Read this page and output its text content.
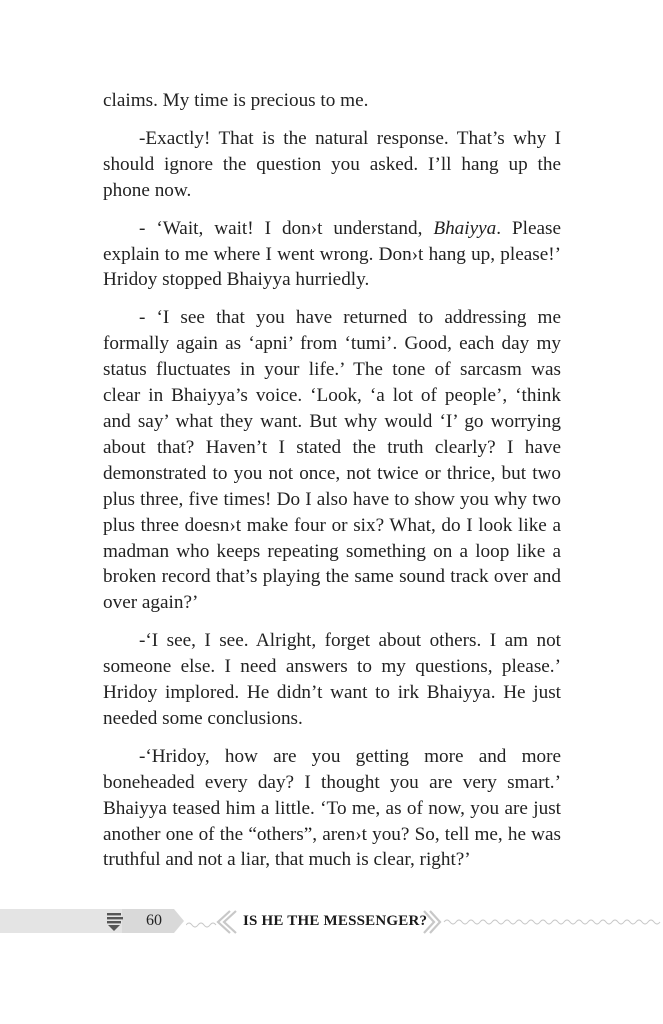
claims. My time is precious to me.

-Exactly! That is the natural response. That’s why I should ignore the question you asked. I’ll hang up the phone now.

- ‘Wait, wait! I don›t understand, Bhaiyya. Please explain to me where I went wrong. Don›t hang up, please!’ Hridoy stopped Bhaiyya hurriedly.

- ‘I see that you have returned to addressing me formally again as ‘apni’ from ‘tumi’. Good, each day my status fluctuates in your life.’ The tone of sarcasm was clear in Bhaiyya’s voice. ‘Look, ‘a lot of people’, ‘think and say’ what they want. But why would ‘I’ go worrying about that? Haven’t I stated the truth clearly? I have demonstrated to you not once, not twice or thrice, but two plus three, five times! Do I also have to show you why two plus three doesn›t make four or six? What, do I look like a madman who keeps repeating something on a loop like a broken record that’s playing the same sound track over and over again?’

-‘I see, I see. Alright, forget about others. I am not someone else. I need answers to my questions, please.’ Hridoy implored. He didn’t want to irk Bhaiyya. He just needed some conclusions.

-‘Hridoy, how are you getting more and more boneheaded every day? I thought you are very smart.’ Bhaiyya teased him a little. ‘To me, as of now, you are just another one of the “others”, aren›t you? So, tell me, he was truthful and not a liar, that much is clear, right?’

60	IS HE THE MESSENGER?
